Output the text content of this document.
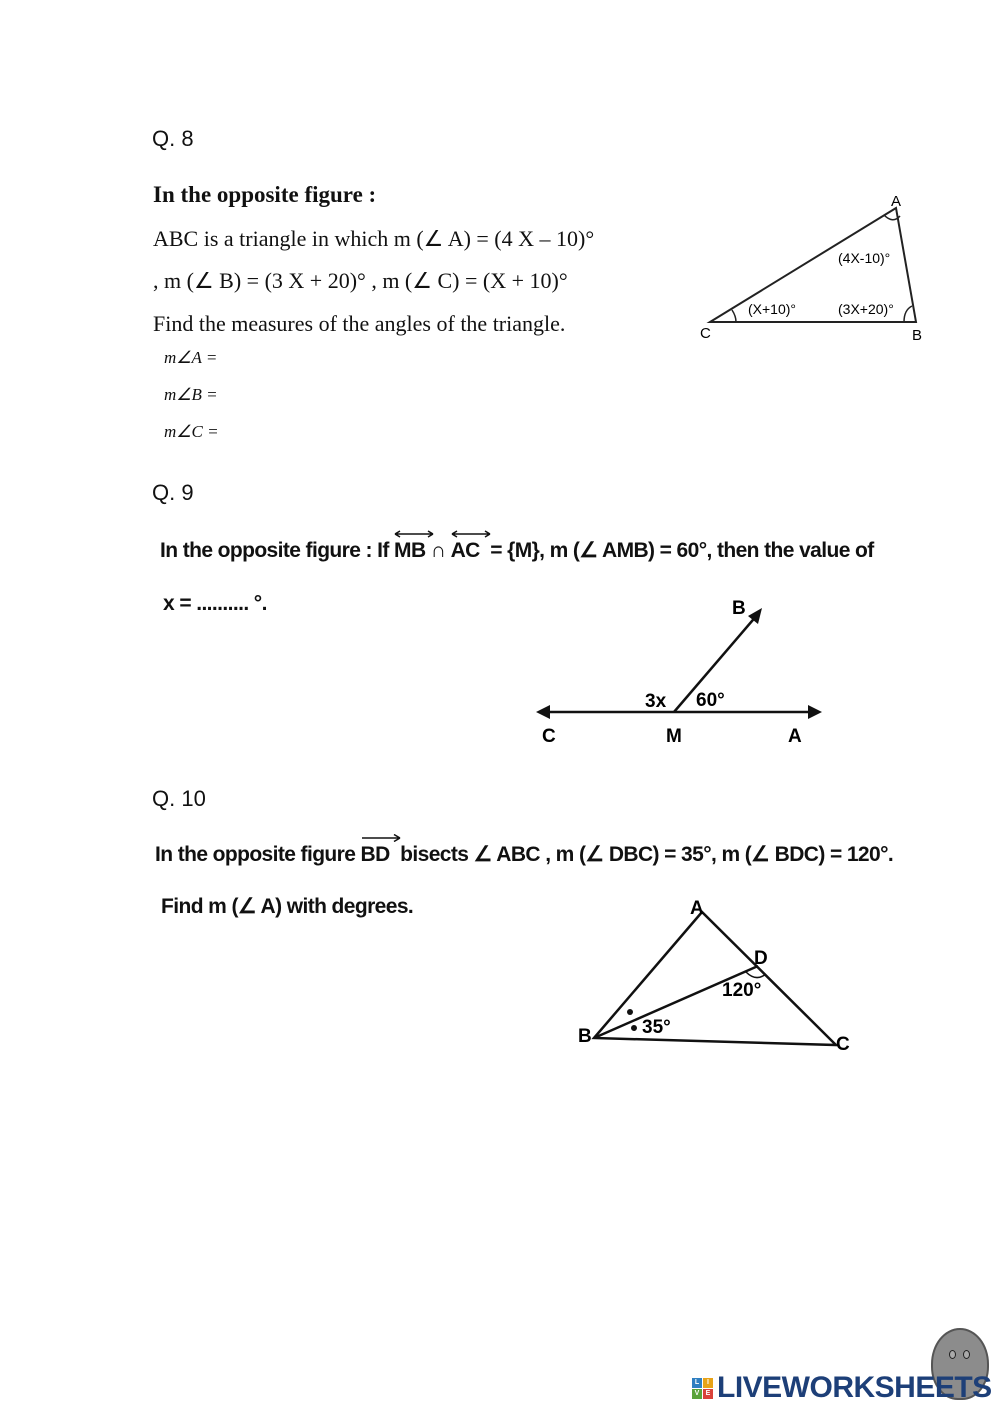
Q. 8
In the opposite figure :
ABC is a triangle in which m (∠ A) = (4 X – 10)°
, m (∠ B) = (3 X + 20)° , m (∠ C) = (X + 10)°
Find the measures of the angles of the triangle.
m∠A =
m∠B =
m∠C =
A
B
C
(4X-10)°
(3X+20)°
(X+10)°
Q. 9
In the opposite figure : If MB ∩ AC = {M}, m (∠ AMB) = 60°, then the value of
x = .......... °.	B
3x 60°
C	M	A
Q. 10
In the opposite figure BD bisects ∠ ABC , m (∠ DBC) = 35°, m (∠ BDC) = 120°.
Find m (∠ A) with degrees.	A
D
120°
35°
B	C
L	I
V E LIVEWORKSHEETS
